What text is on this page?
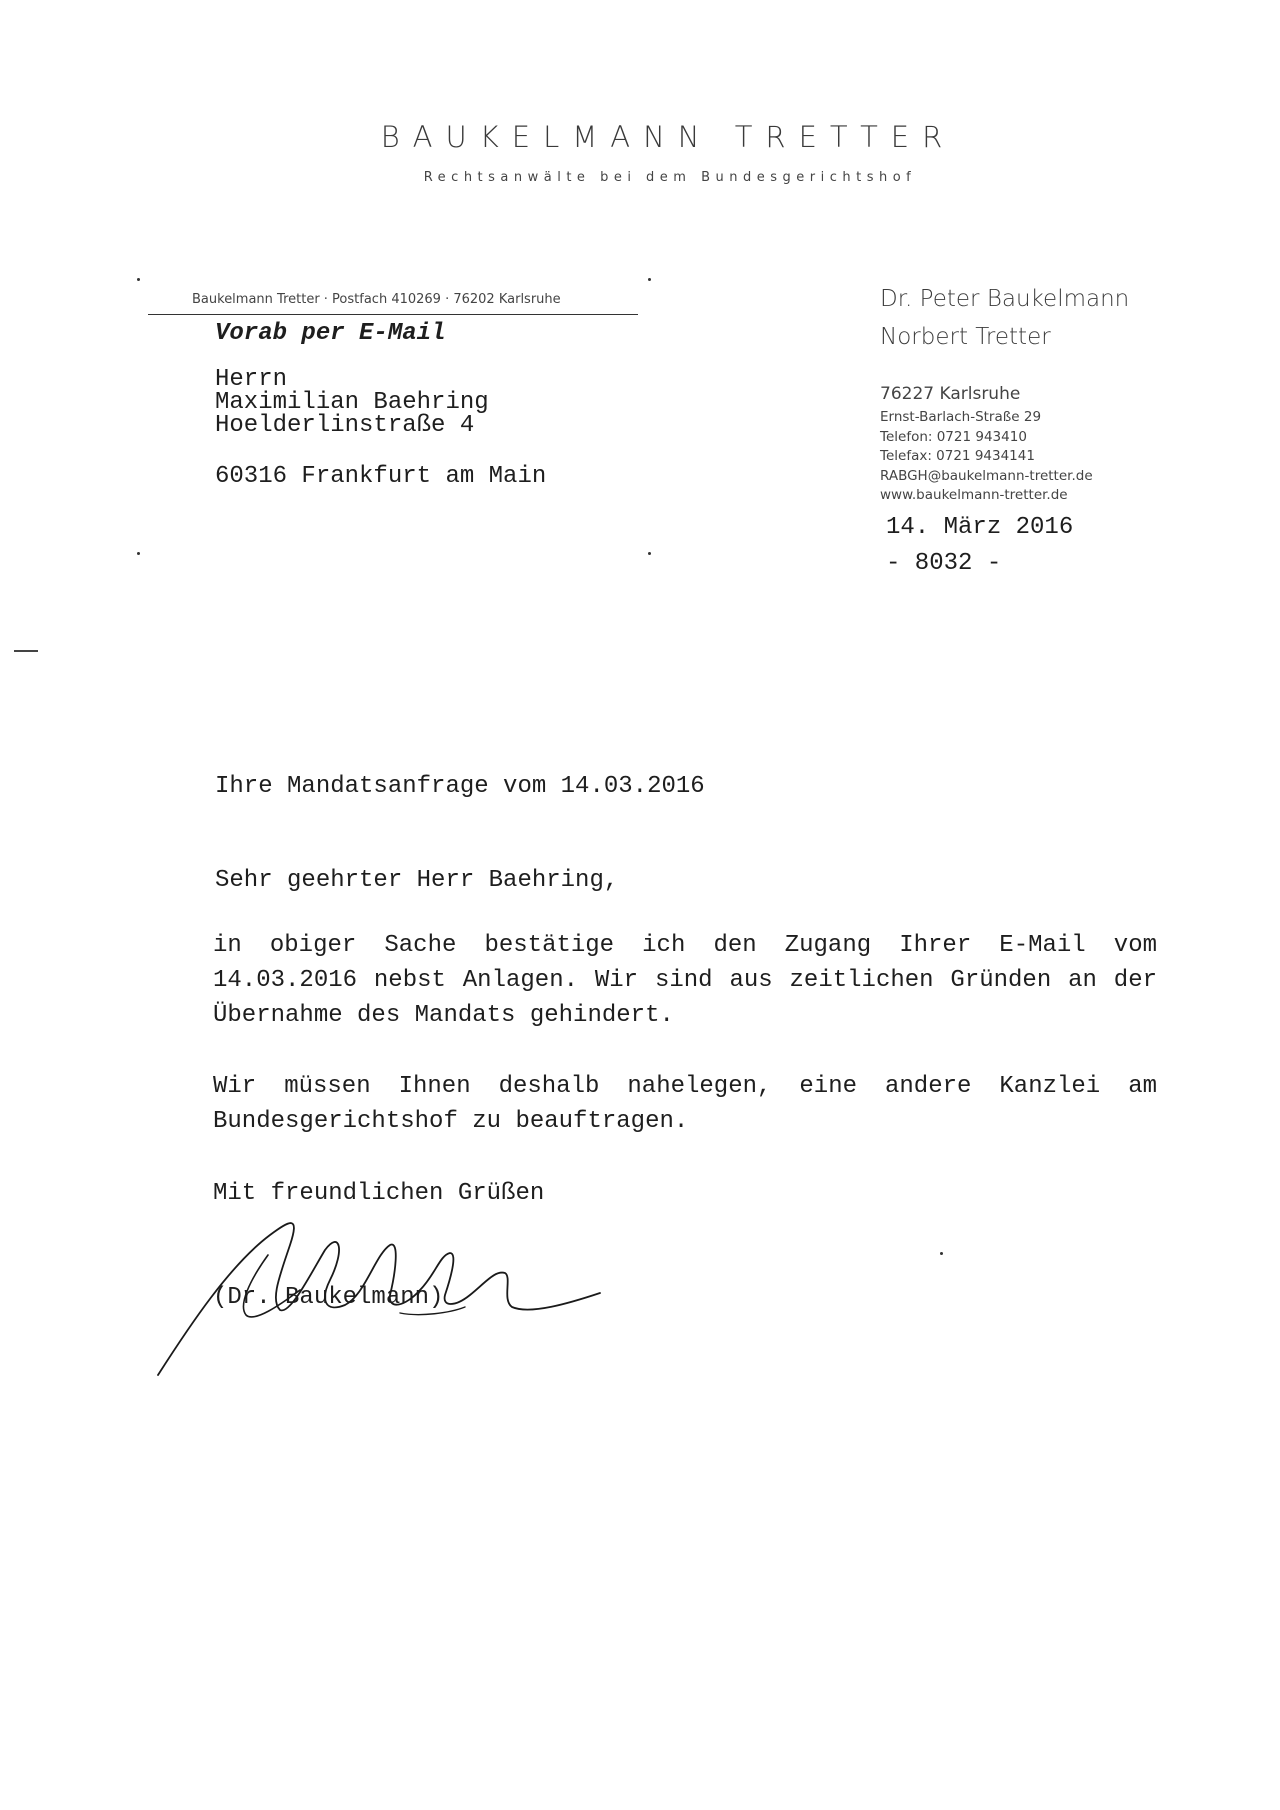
BAUKELMANN TRETTER
Rechtsanwälte bei dem Bundesgerichtshof
Baukelmann Tretter · Postfach 410269 · 76202 Karlsruhe
Vorab per E-Mail
Herrn
Maximilian Baehring
Hoelderlinstraße 4
60316 Frankfurt am Main
Dr. Peter Baukelmann
Norbert Tretter
76227 Karlsruhe
Ernst-Barlach-Straße 29
Telefon: 0721 943410
Telefax: 0721 9434141
RABGH@baukelmann-tretter.de
www.baukelmann-tretter.de
14. März 2016
- 8032 -
Ihre Mandatsanfrage vom 14.03.2016
Sehr geehrter Herr Baehring,
in obiger Sache bestätige ich den Zugang Ihrer E-Mail vom 14.03.2016 nebst Anlagen. Wir sind aus zeitlichen Gründen an der Übernahme des Mandats gehindert.
Wir müssen Ihnen deshalb nahelegen, eine andere Kanzlei am Bundesgerichtshof zu beauftragen.
Mit freundlichen Grüßen
(Dr. Baukelmann)
